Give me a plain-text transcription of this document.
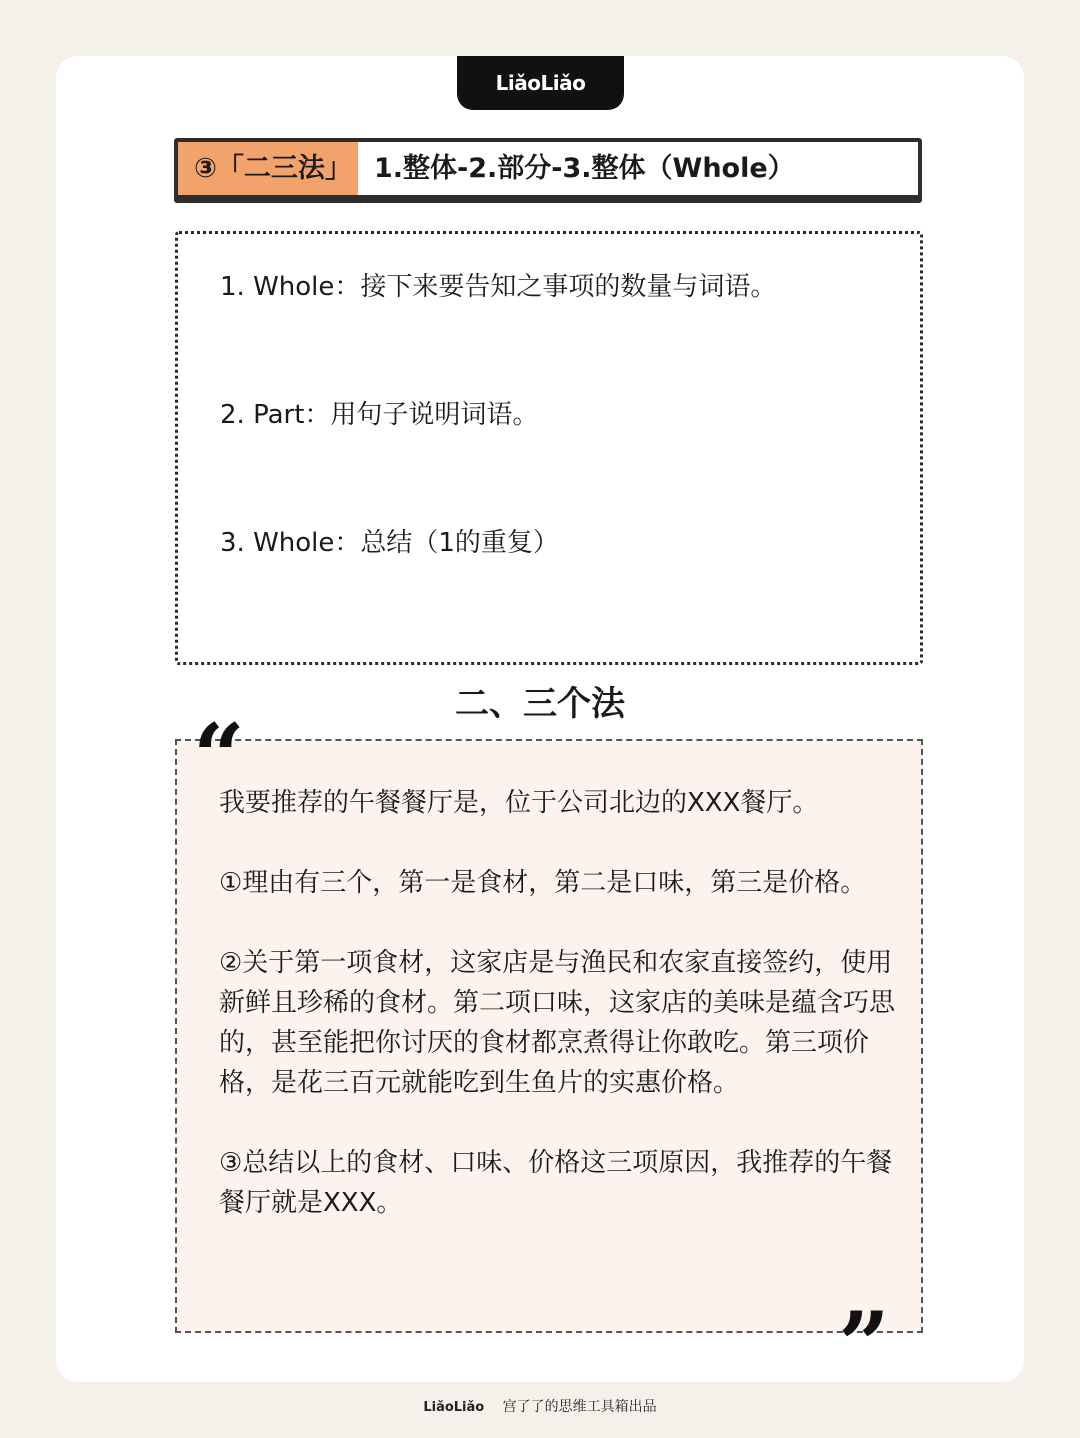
LiǎoLiǎo
③「二三法」 1.整体-2.部分-3.整体（Whole）
1. Whole：接下来要告知之事项的数量与词语。
2. Part：用句子说明词语。
3. Whole：总结（1的重复）
二、三个法

我要推荐的午餐餐厅是，位于公司北边的XXX餐厅。

①理由有三个，第一是食材，第二是口味，第三是价格。

②关于第一项食材，这家店是与渔民和农家直接签约，使用新鲜且珍稀的食材。第二项口味，这家店的美味是蕴含巧思的，甚至能把你讨厌的食材都烹煮得让你敢吃。第三项价格，是花三百元就能吃到生鱼片的实惠价格。

③总结以上的食材、口味、价格这三项原因，我推荐的午餐餐厅就是XXX。

“
”
LiǎoLiǎo 宫了了的思维工具箱出品
